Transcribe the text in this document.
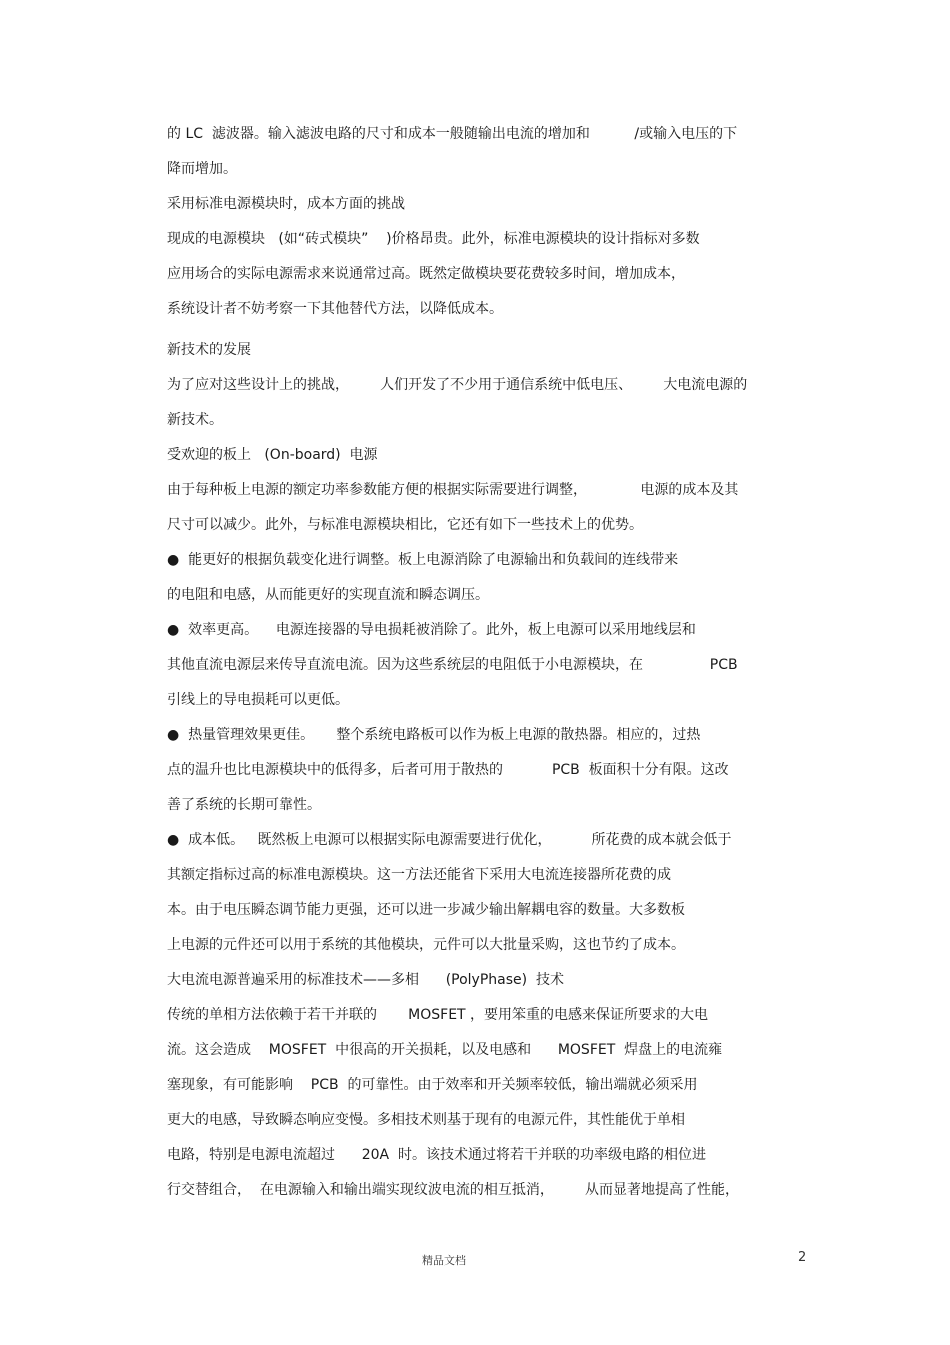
的 LC  滤波器。输入滤波电路的尺寸和成本一般随输出电流的增加和          /或输入电压的下
降而增加。
采用标准电源模块时，成本方面的挑战
现成的电源模块   (如“砖式模块”    )价格昂贵。此外，标准电源模块的设计指标对多数
应用场合的实际电源需求来说通常过高。既然定做模块要花费较多时间，增加成本，
系统设计者不妨考察一下其他替代方法，以降低成本。
新技术的发展
为了应对这些设计上的挑战，       人们开发了不少用于通信系统中低电压、       大电流电源的
新技术。
受欢迎的板上   (On-board)  电源
由于每种板上电源的额定功率参数能方便的根据实际需要进行调整，            电源的成本及其
尺寸可以减少。此外，与标准电源模块相比，它还有如下一些技术上的优势。
●  能更好的根据负载变化进行调整。板上电源消除了电源输出和负载间的连线带来
的电阻和电感，从而能更好的实现直流和瞬态调压。
●  效率更高。    电源连接器的导电损耗被消除了。此外，板上电源可以采用地线层和
其他直流电源层来传导直流电流。因为这些系统层的电阻低于小电源模块，在               PCB
引线上的导电损耗可以更低。
●  热量管理效果更佳。     整个系统电路板可以作为板上电源的散热器。相应的，过热
点的温升也比电源模块中的低得多，后者可用于散热的           PCB  板面积十分有限。这改
善了系统的长期可靠性。
●  成本低。   既然板上电源可以根据实际电源需要进行优化，         所花费的成本就会低于
其额定指标过高的标准电源模块。这一方法还能省下采用大电流连接器所花费的成
本。由于电压瞬态调节能力更强，还可以进一步减少输出解耦电容的数量。大多数板
上电源的元件还可以用于系统的其他模块，元件可以大批量采购，这也节约了成本。
大电流电源普遍采用的标准技术——多相      (PolyPhase)  技术
传统的单相方法依赖于若干并联的       MOSFET ，要用笨重的电感来保证所要求的大电
流。这会造成    MOSFET  中很高的开关损耗，以及电感和      MOSFET  焊盘上的电流雍
塞现象，有可能影响    PCB  的可靠性。由于效率和开关频率较低，输出端就必须采用
更大的电感，导致瞬态响应变慢。多相技术则基于现有的电源元件，其性能优于单相
电路，特别是电源电流超过      20A  时。该技术通过将若干并联的功率级电路的相位进
行交替组合，  在电源输入和输出端实现纹波电流的相互抵消，       从而显著地提高了性能，
精品文档	2
